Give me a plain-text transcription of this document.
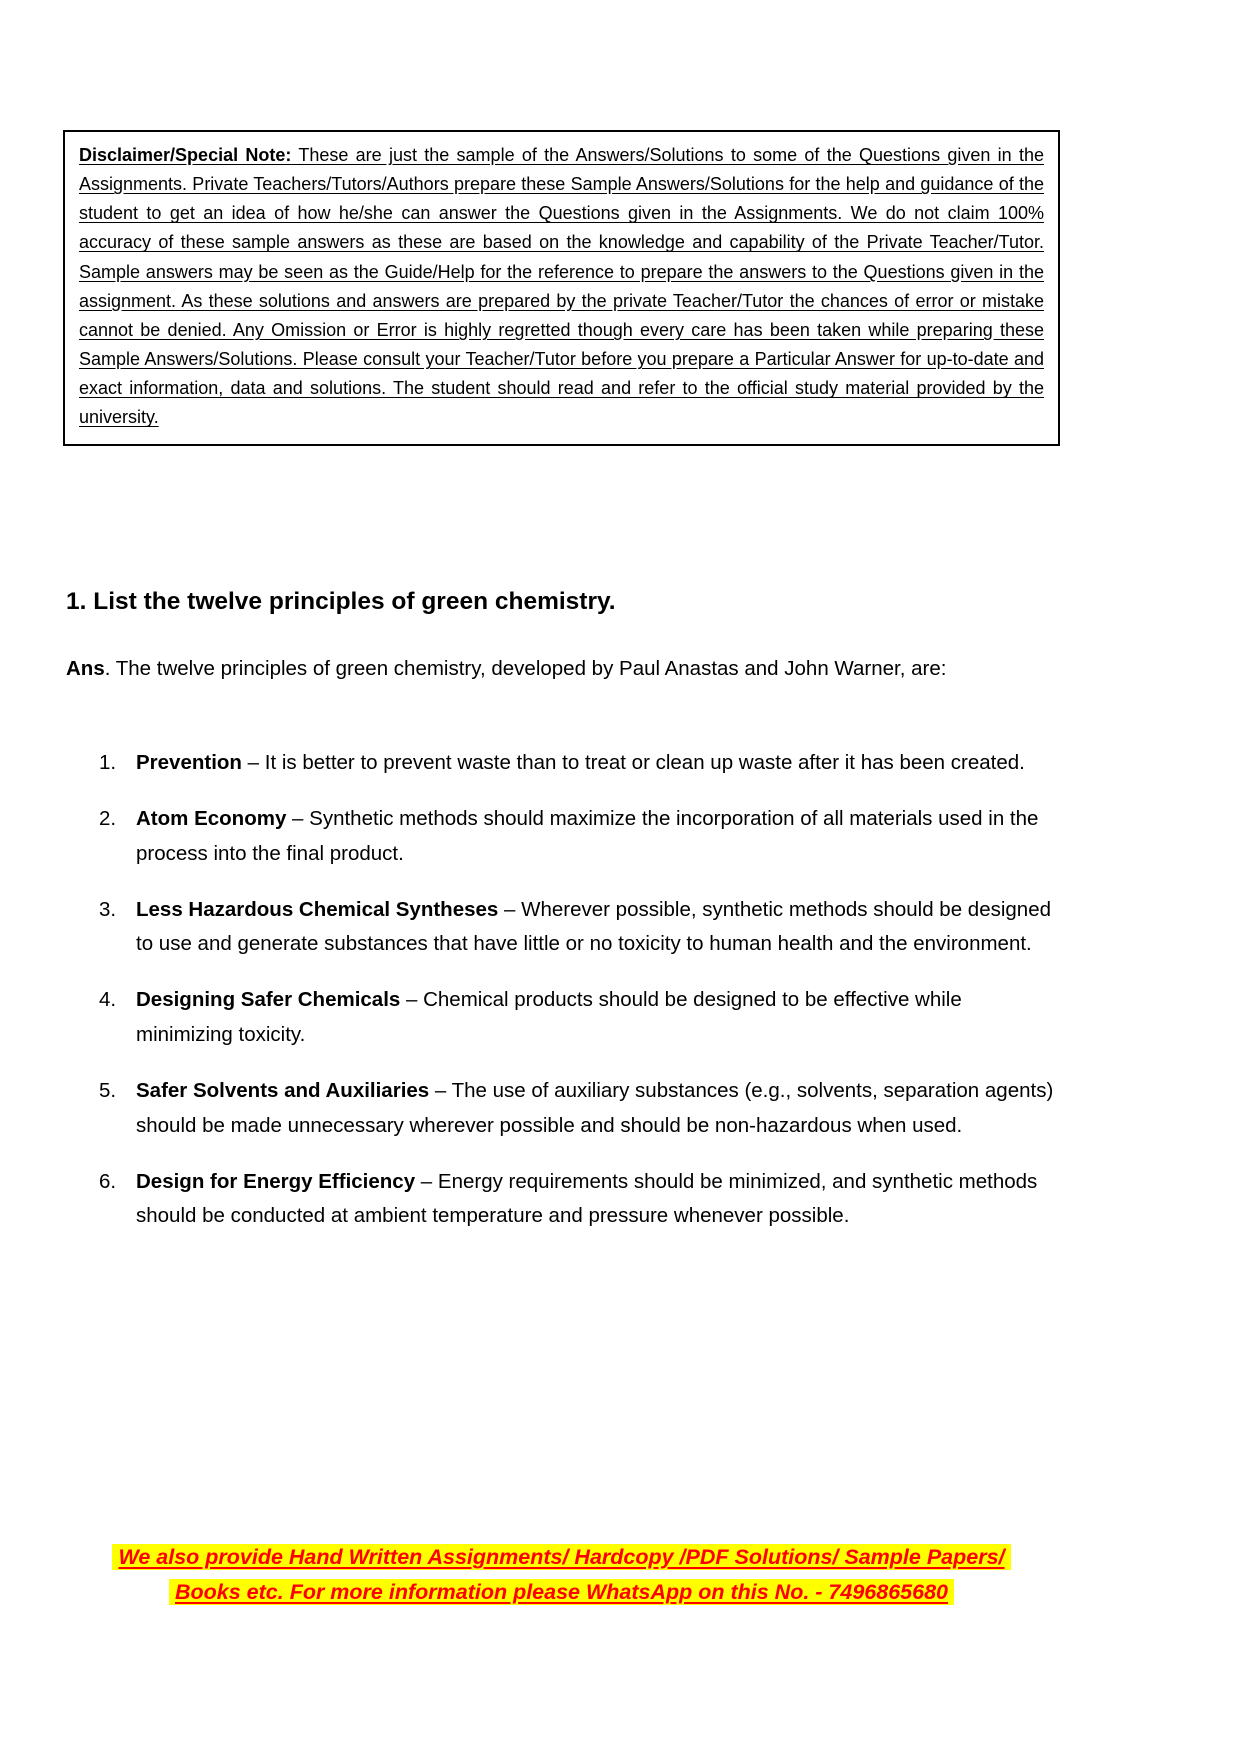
Disclaimer/Special Note: These are just the sample of the Answers/Solutions to some of the Questions given in the Assignments. Private Teachers/Tutors/Authors prepare these Sample Answers/Solutions for the help and guidance of the student to get an idea of how he/she can answer the Questions given in the Assignments. We do not claim 100% accuracy of these sample answers as these are based on the knowledge and capability of the Private Teacher/Tutor. Sample answers may be seen as the Guide/Help for the reference to prepare the answers to the Questions given in the assignment. As these solutions and answers are prepared by the private Teacher/Tutor the chances of error or mistake cannot be denied. Any Omission or Error is highly regretted though every care has been taken while preparing these Sample Answers/Solutions. Please consult your Teacher/Tutor before you prepare a Particular Answer for up-to-date and exact information, data and solutions. The student should read and refer to the official study material provided by the university.

1. List the twelve principles of green chemistry.

Ans. The twelve principles of green chemistry, developed by Paul Anastas and John Warner, are:

1. Prevention – It is better to prevent waste than to treat or clean up waste after it has been created.
2. Atom Economy – Synthetic methods should maximize the incorporation of all materials used in the process into the final product.
3. Less Hazardous Chemical Syntheses – Wherever possible, synthetic methods should be designed to use and generate substances that have little or no toxicity to human health and the environment.
4. Designing Safer Chemicals – Chemical products should be designed to be effective while minimizing toxicity.
5. Safer Solvents and Auxiliaries – The use of auxiliary substances (e.g., solvents, separation agents) should be made unnecessary wherever possible and should be non-hazardous when used.
6. Design for Energy Efficiency – Energy requirements should be minimized, and synthetic methods should be conducted at ambient temperature and pressure whenever possible.
We also provide Hand Written Assignments/ Hardcopy /PDF Solutions/ Sample Papers/
Books etc. For more information please WhatsApp on this No. - 7496865680
